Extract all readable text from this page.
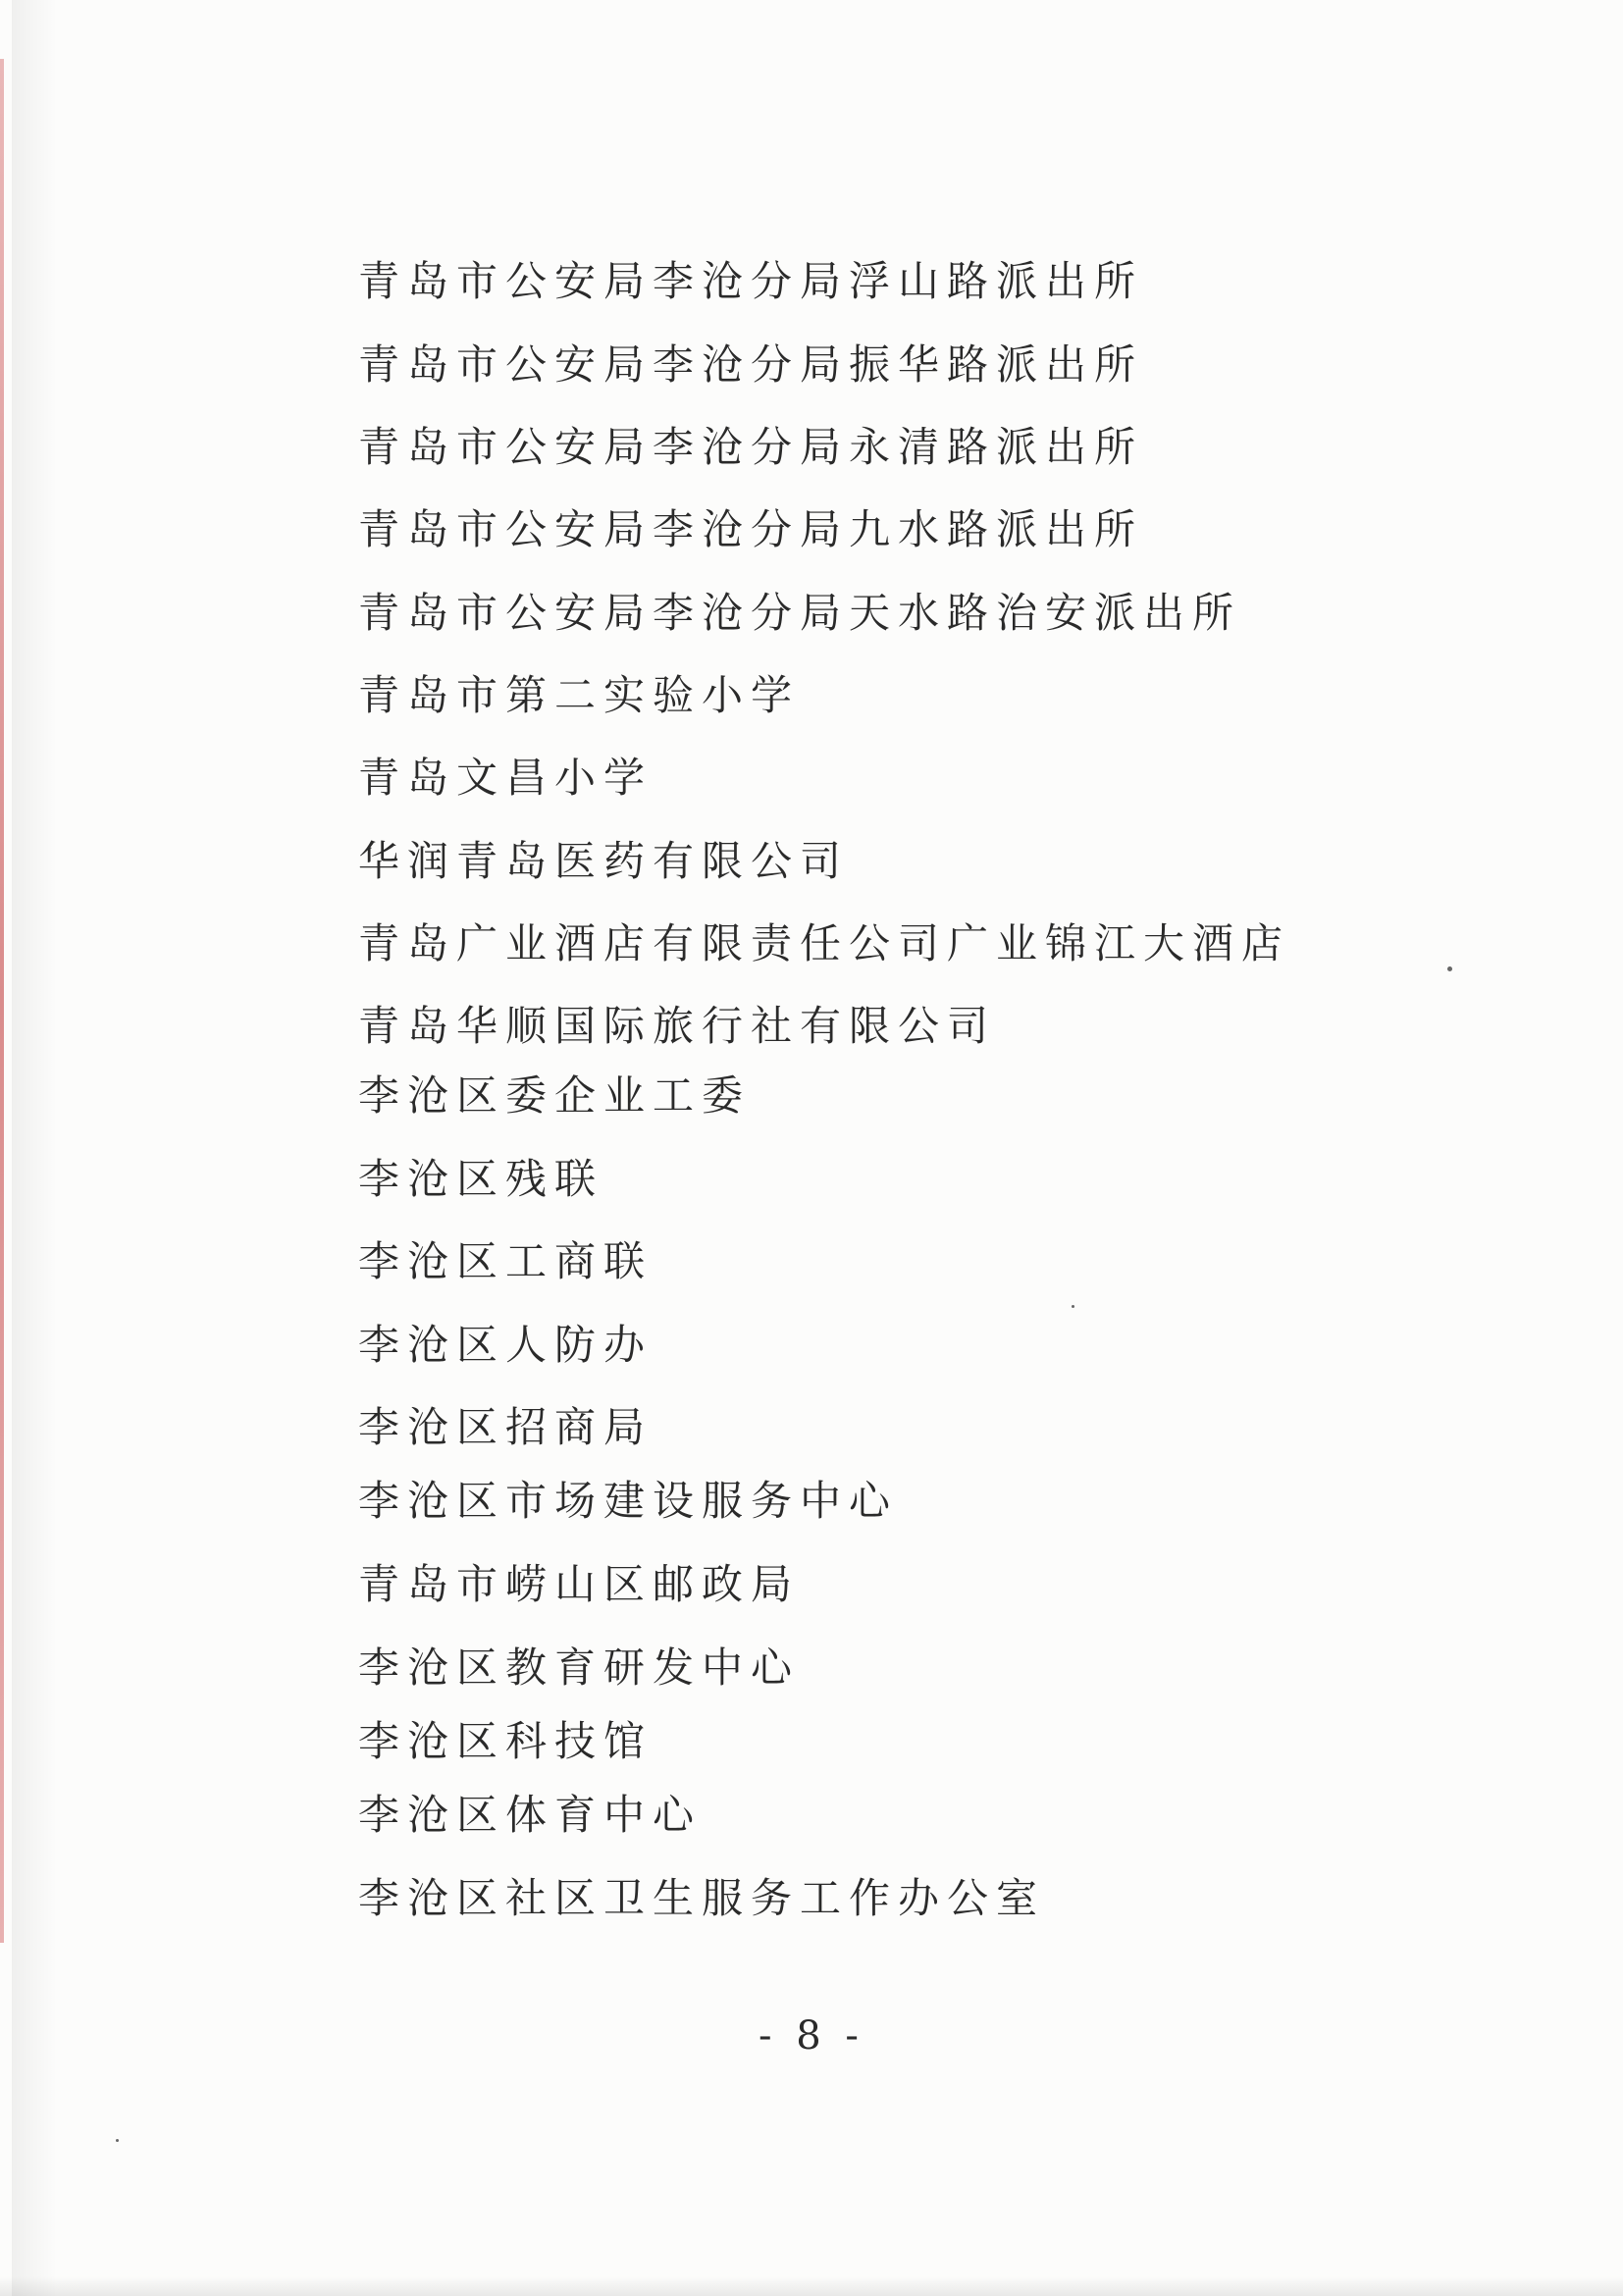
青岛市公安局李沧分局浮山路派出所
青岛市公安局李沧分局振华路派出所
青岛市公安局李沧分局永清路派出所
青岛市公安局李沧分局九水路派出所
青岛市公安局李沧分局天水路治安派出所
青岛市第二实验小学
青岛文昌小学
华润青岛医药有限公司
青岛广业酒店有限责任公司广业锦江大酒店
青岛华顺国际旅行社有限公司
李沧区委企业工委
李沧区残联
李沧区工商联
李沧区人防办
李沧区招商局
李沧区市场建设服务中心
青岛市崂山区邮政局
李沧区教育研发中心
李沧区科技馆
李沧区体育中心
李沧区社区卫生服务工作办公室
- 8 -
